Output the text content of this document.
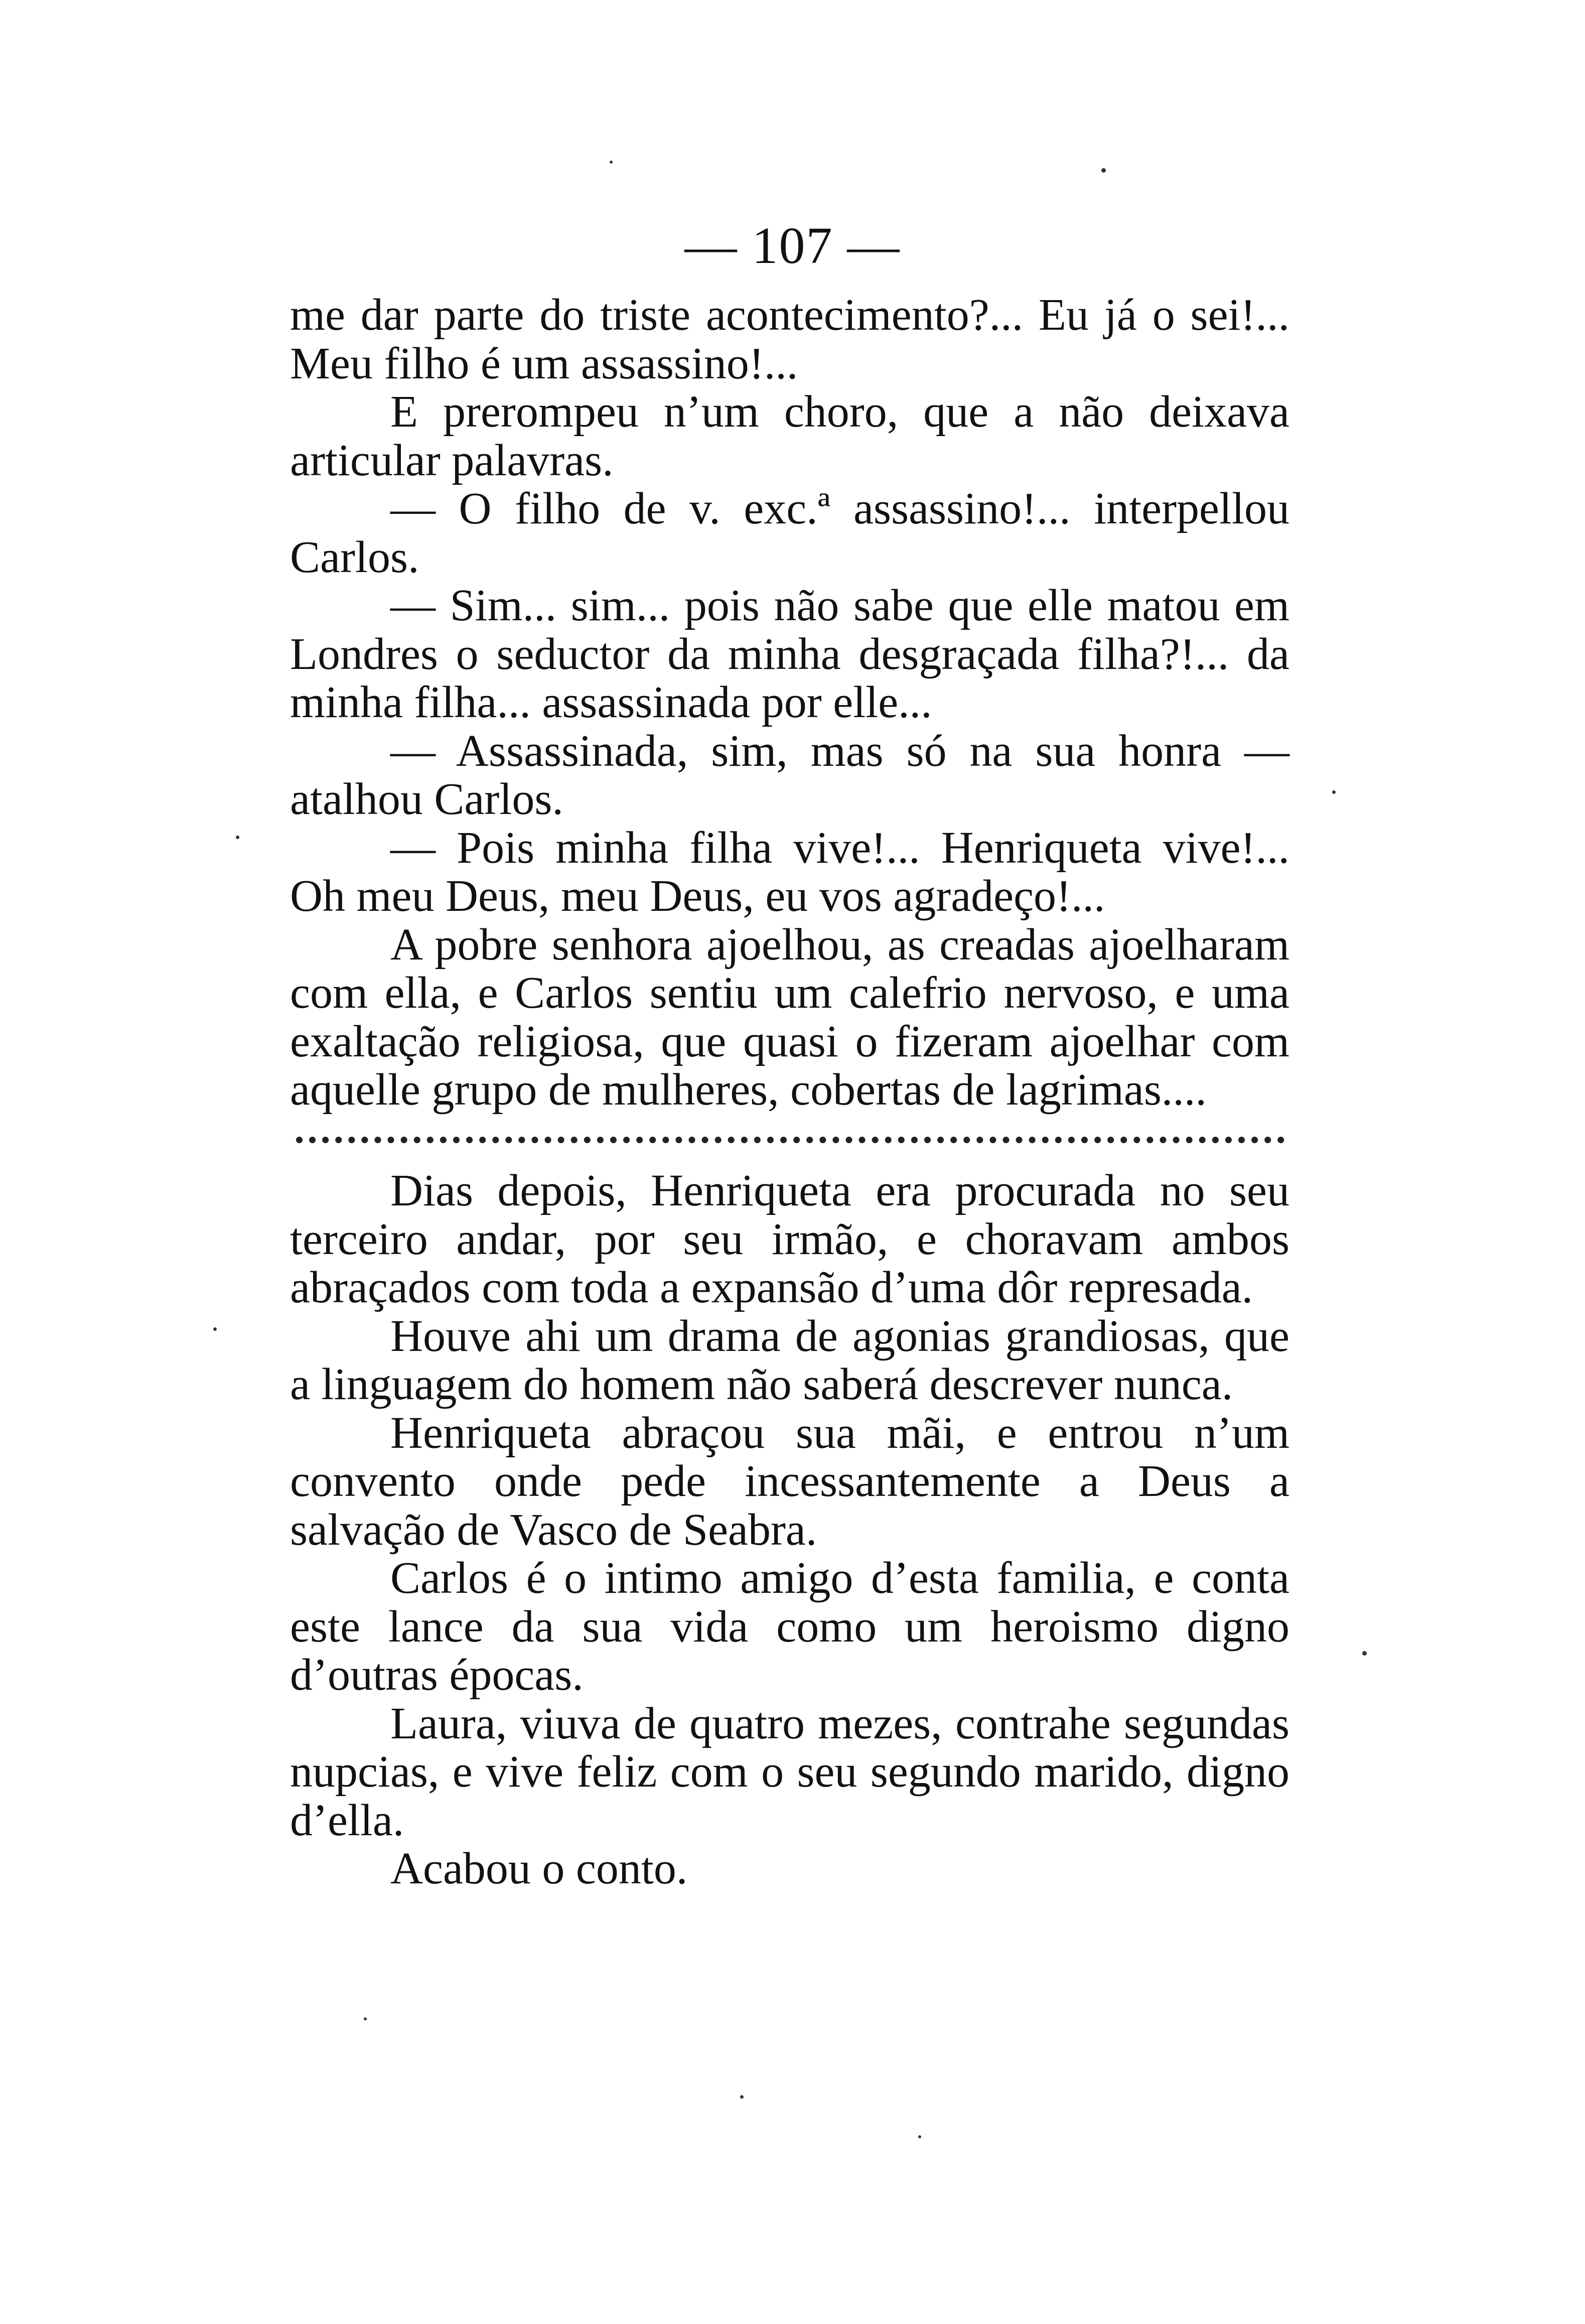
— 107 —

me dar parte do triste acontecimento?... Eu já o sei!... Meu filho é um assassino!...

E prerompeu n’um choro, que a não deixava articular palavras.

— O filho de v. exc.ª assassino!... interpellou Carlos.

— Sim... sim... pois não sabe que elle matou em Londres o seductor da minha desgraçada filha?!... da minha filha... assassinada por elle...

— Assassinada, sim, mas só na sua honra — atalhou Carlos.

— Pois minha filha vive!... Henriqueta vive!... Oh meu Deus, meu Deus, eu vos agradeço!...

A pobre senhora ajoelhou, as creadas ajoelharam com ella, e Carlos sentiu um calefrio nervoso, e uma exaltação religiosa, que quasi o fizeram ajoelhar com aquelle grupo de mulheres, cobertas de lagrimas....

Dias depois, Henriqueta era procurada no seu terceiro andar, por seu irmão, e choravam ambos abraçados com toda a expansão d’uma dôr represada.

Houve ahi um drama de agonias grandiosas, que a linguagem do homem não saberá descrever nunca.

Henriqueta abraçou sua mãi, e entrou n’um convento onde pede incessantemente a Deus a salvação de Vasco de Seabra.

Carlos é o intimo amigo d’esta familia, e conta este lance da sua vida como um heroismo digno d’outras épocas.

Laura, viuva de quatro mezes, contrahe segundas nupcias, e vive feliz com o seu segundo marido, digno d’ella.

Acabou o conto.
